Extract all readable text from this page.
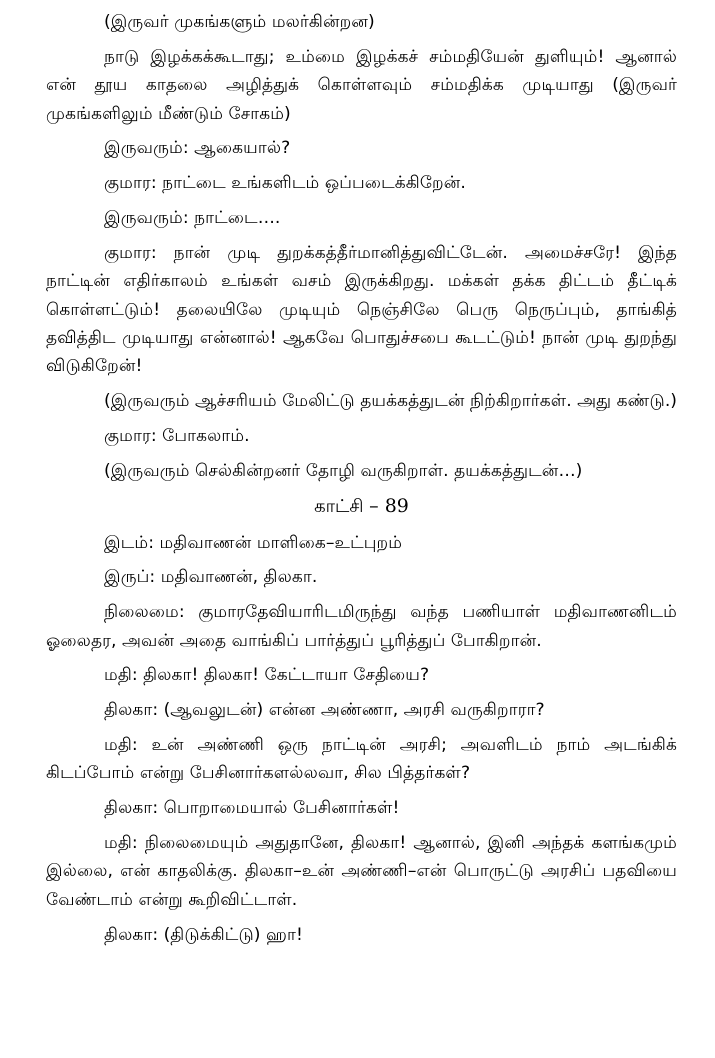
(இருவர் முகங்களும் மலர்கின்றன)

நாடு இழக்கக்கூடாது; உம்மை இழக்கச் சம்மதியேன் துளியும்! ஆனால் என் தூய காதலை அழித்துக் கொள்ளவும் சம்மதிக்க முடியாது (இருவர் முகங்களிலும் மீண்டும் சோகம்)

இருவரும்: ஆகையால்?

குமார: நாட்டை உங்களிடம் ஒப்படைக்கிறேன்.

இருவரும்: நாட்டை….

குமார: நான் முடி துறக்கத்தீர்மானித்துவிட்டேன். அமைச்சரே! இந்த நாட்டின் எதிர்காலம் உங்கள் வசம் இருக்கிறது. மக்கள் தக்க திட்டம் தீட்டிக் கொள்ளட்டும்! தலையிலே முடியும் நெஞ்சிலே பெரு நெருப்பும், தாங்கித் தவித்திட முடியாது என்னால்! ஆகவே பொதுச்சபை கூடட்டும்! நான் முடி துறந்து விடுகிறேன்!

(இருவரும் ஆச்சரியம் மேலிட்டு தயக்கத்துடன் நிற்கிறார்கள். அது கண்டு.)

குமார: போகலாம்.

(இருவரும் செல்கின்றனர் தோழி வருகிறாள். தயக்கத்துடன்…)

காட்சி – 89

இடம்: மதிவாணன் மாளிகை–உட்புறம்

இருப்: மதிவாணன், திலகா.

நிலைமை: குமாரதேவியாரிடமிருந்து வந்த பணியாள் மதிவாணனிடம் ஓலைதர, அவன் அதை வாங்கிப் பார்த்துப் பூரித்துப் போகிறான்.

மதி: திலகா! திலகா! கேட்டாயா சேதியை?

திலகா: (ஆவலுடன்) என்ன அண்ணா, அரசி வருகிறாரா?

மதி: உன் அண்ணி ஒரு நாட்டின் அரசி; அவளிடம் நாம் அடங்கிக் கிடப்போம் என்று பேசினார்களல்லவா, சில பித்தர்கள்?

திலகா: பொறாமையால் பேசினார்கள்!

மதி: நிலைமையும் அதுதானே, திலகா! ஆனால், இனி அந்தக் களங்கமும் இல்லை, என் காதலிக்கு. திலகா–உன் அண்ணி–என் பொருட்டு அரசிப் பதவியை வேண்டாம் என்று கூறிவிட்டாள்.

திலகா: (திடுக்கிட்டு) ஹா!
